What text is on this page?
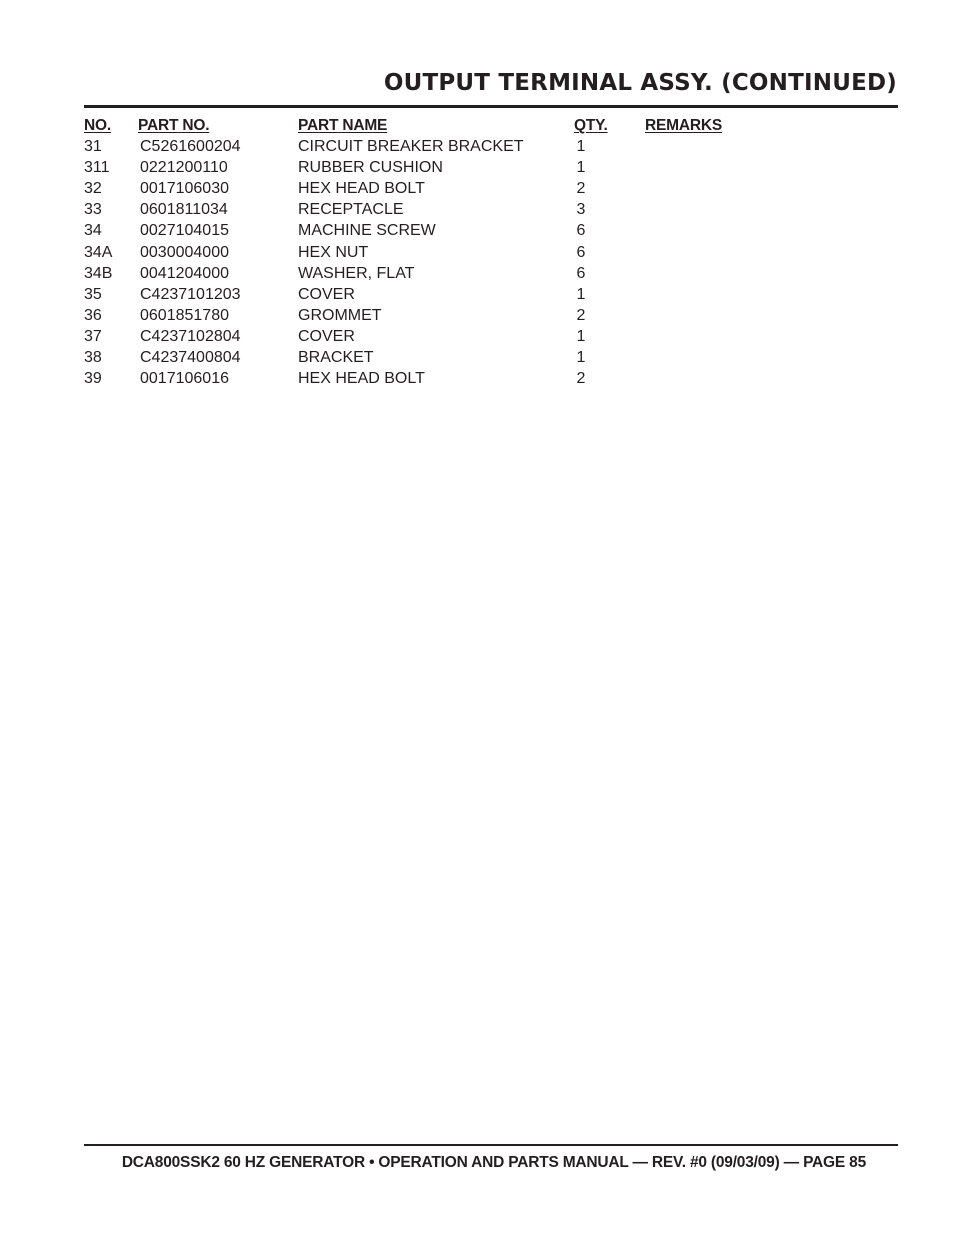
OUTPUT TERMINAL ASSY. (CONTINUED)
NO. PART NO.	PART NAME	QTY. REMARKS
31 C5261600204	CIRCUIT BREAKER BRACKET	1
311 0221200110	RUBBER CUSHION	1
32 0017106030	HEX HEAD BOLT	2
33 0601811034	RECEPTACLE	3
34 0027104015	MACHINE SCREW	6
34A 0030004000	HEX NUT	6
34B 0041204000	WASHER, FLAT	6
35 C4237101203	COVER	1
36 0601851780	GROMMET	2
37 C4237102804	COVER	1
38 C4237400804	BRACKET	1
39 0017106016	HEX HEAD BOLT	2
DCA800SSK2 60 HZ GENERATOR • OPERATION AND PARTS MANUAL — REV. #0 (09/03/09) — PAGE 85
